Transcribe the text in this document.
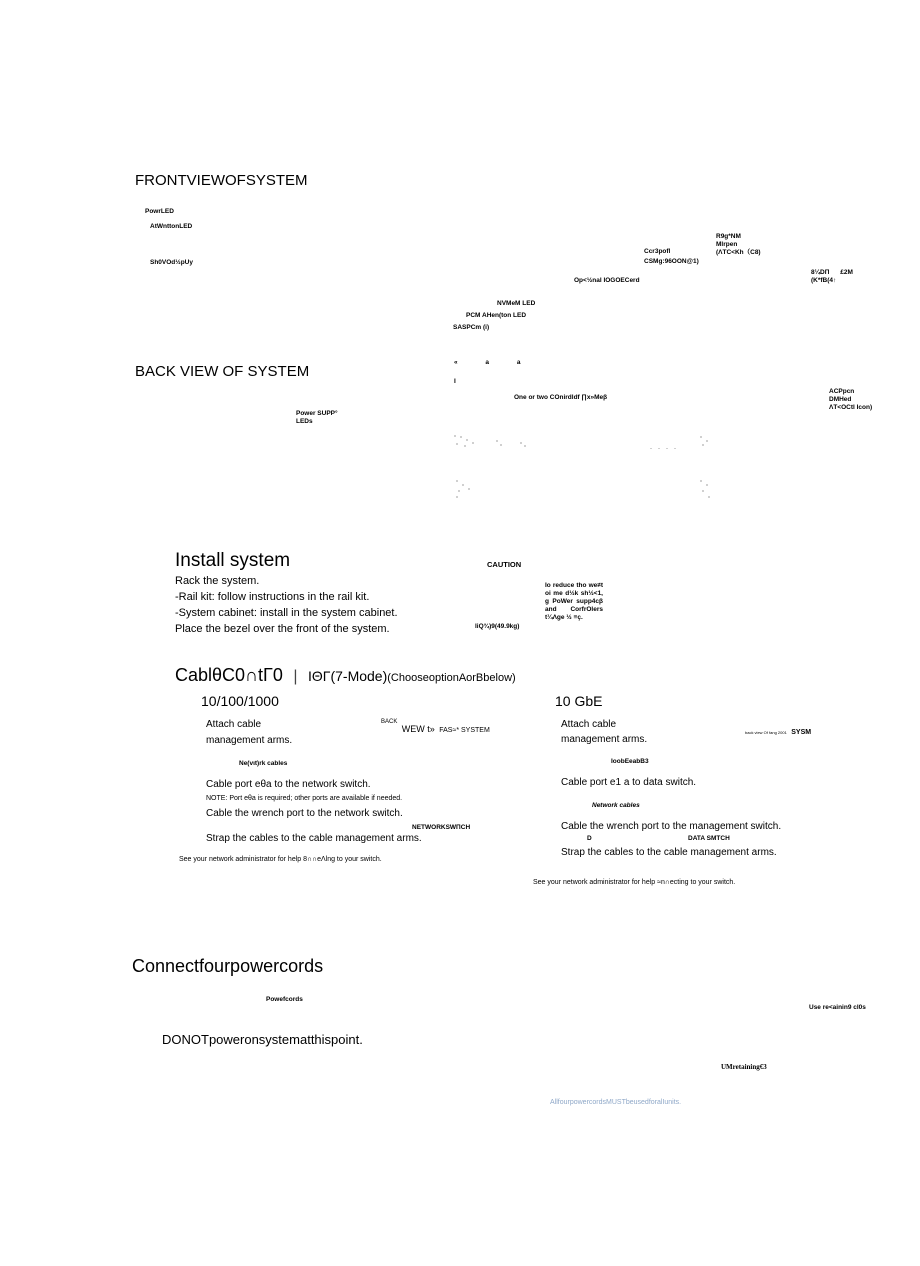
FRONTVIEWOFSYSTEM
PowrLED
AtWnttonLED
Sh0VOd½pUy
R9g*NM
Mlrpen
(ΛTC<Kh（C8)
Ccr3pofl
CSMg:96OON@1)
Op<½nal IOGOECerd
8¼DΠ      £2M
(K*fB(4↑
NVMeM LED
PCM AHen(ton LED
SASPCm (i)
BACK VIEW OF SYSTEM
« a a
I
One or two COnirdldf ∏x»Meβ
ACPpcn
DMHed
ΛT<OCtl Icon)
Power SUPP°
LEDs
Install system
Rack the system.
-Rail kit: follow instructions in the rail kit.
-System cabinet: install in the system cabinet.
Place the bezel over the front of the system.
CAUTION
Io reduce tho we≠t oi me d½k sh½<1, g PoWer supp4cβ and CorfrOlers t¼Λge ½ ≡ç.
liQ¾)9(49.9kg)
CablθC0∩tΓ0 | IΘΓ(7-Mode)(ChooseoptionAorBbelow)
10/100/1000
Attach cable
management arms.
$^{BACK}$ WEW t» FAS≈* SYSTEM
Ne(vιt)rk cables
Cable port eθa to the network switch.
NOTE: Port eθa is required; other ports are available if needed.
Cable the wrench port to the network switch.
NETWORKSWΠCH
Strap the cables to the cable management arms.
See your network administrator for help 8∩∩eΛlng to your switch.
10 GbE
Attach cable
management arms.
back view Of fang 2001 SYSM
IoobEeabB3
Cable port e1 a to data switch.
Network cables
Cable the wrench port to the management switch.
D	DATA SMTCH
Strap the cables to the cable management arms.
See your network administrator for help ≈n∩ecting to your switch.
Connectfourpowercords
Powefcords
Use re<ainin9 cl0s
DONOTpoweronsystematthispoint.
UMretaining€3
AllfourpowercordsMUSTbeusedforalIunits.
